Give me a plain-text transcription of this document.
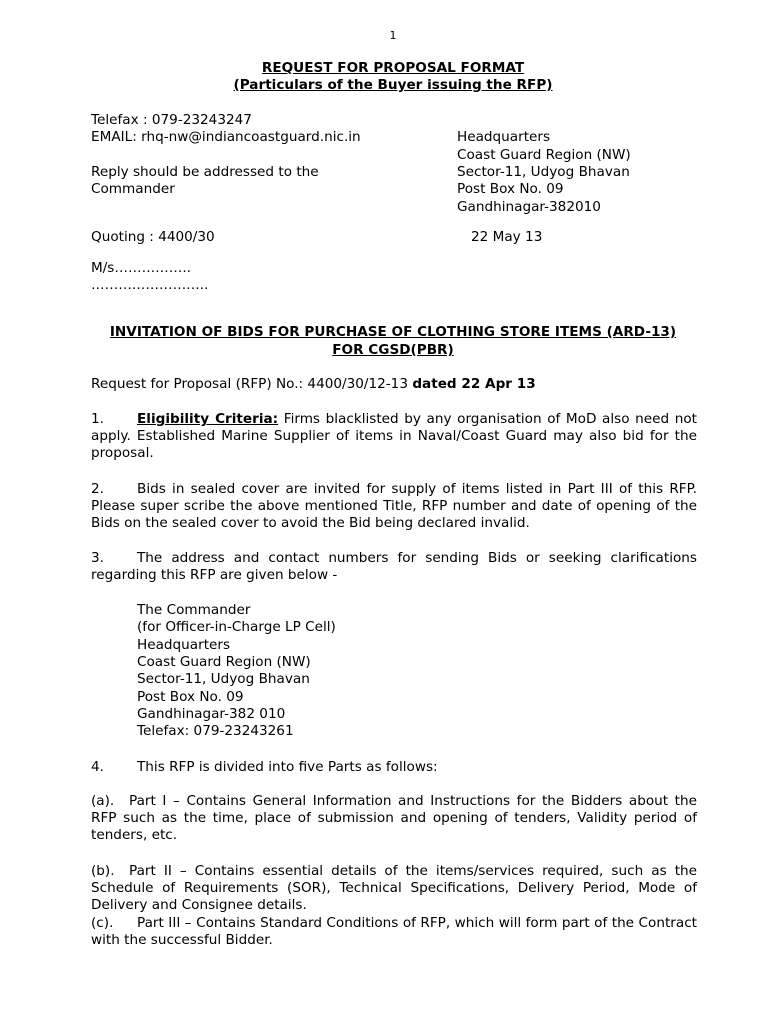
1
REQUEST FOR PROPOSAL FORMAT
(Particulars of the Buyer issuing the RFP)
Telefax : 079-23243247
EMAIL: rhq-nw@indiancoastguard.nic.in
Reply should be addressed to the
Commander
Headquarters
Coast Guard Region (NW)
Sector-11, Udyog Bhavan
Post Box No. 09
Gandhinagar-382010
Quoting : 4400/30	22 May 13
M/s……………..
……………………..
INVITATION OF BIDS FOR PURCHASE OF CLOTHING STORE ITEMS (ARD-13)
FOR CGSD(PBR)
Request for Proposal (RFP) No.: 4400/30/12-13 dated 22 Apr 13
1. Eligibility Criteria: Firms blacklisted by any organisation of MoD also need not apply. Established Marine Supplier of items in Naval/Coast Guard may also bid for the proposal.
2. Bids in sealed cover are invited for supply of items listed in Part III of this RFP. Please super scribe the above mentioned Title, RFP number and date of opening of the Bids on the sealed cover to avoid the Bid being declared invalid.
3. The address and contact numbers for sending Bids or seeking clarifications regarding this RFP are given below -
The Commander
(for Officer-in-Charge LP Cell)
Headquarters
Coast Guard Region (NW)
Sector-11, Udyog Bhavan
Post Box No. 09
Gandhinagar-382 010
Telefax: 079-23243261
4. This RFP is divided into five Parts as follows:
(a). Part I – Contains General Information and Instructions for the Bidders about the RFP such as the time, place of submission and opening of tenders, Validity period of tenders, etc.
(b). Part II – Contains essential details of the items/services required, such as the Schedule of Requirements (SOR), Technical Specifications, Delivery Period, Mode of Delivery and Consignee details.
(c). Part III – Contains Standard Conditions of RFP, which will form part of the Contract with the successful Bidder.
